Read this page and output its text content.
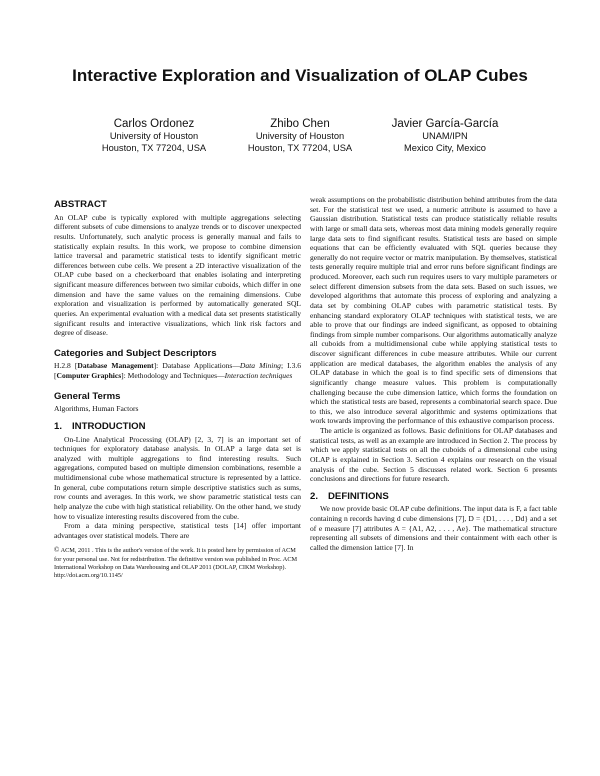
Interactive Exploration and Visualization of OLAP Cubes
Carlos Ordonez
University of Houston
Houston, TX 77204, USA
Zhibo Chen
University of Houston
Houston, TX 77204, USA
Javier García-García
UNAM/IPN
Mexico City, Mexico
ABSTRACT

An OLAP cube is typically explored with multiple aggregations selecting different subsets of cube dimensions to analyze trends or to discover unexpected results. Unfortunately, such analytic process is generally manual and fails to statistically explain results. In this work, we propose to combine dimension lattice traversal and parametric statistical tests to identify significant metric differences between cube cells. We present a 2D interactive visualization of the OLAP cube based on a checkerboard that enables isolating and interpreting significant measure differences between two similar cuboids, which differ in one dimension and have the same values on the remaining dimensions. Cube exploration and visualization is performed by automatically generated SQL queries. An experimental evaluation with a medical data set presents statistically significant results and interactive visualizations, which link risk factors and degree of disease.

Categories and Subject Descriptors

H.2.8 [Database Management]: Database Applications—Data Mining; I.3.6 [Computer Graphics]: Methodology and Techniques—Interaction techniques

General Terms

Algorithms, Human Factors

1. INTRODUCTION

On-Line Analytical Processing (OLAP) [2, 3, 7] is an important set of techniques for exploratory database analysis. In OLAP a large data set is analyzed with multiple aggregations to find interesting results. Such aggregations, computed based on multiple dimension combinations, resemble a multidimensional cube whose mathematical structure is represented by a lattice. In general, cube computations return simple descriptive statistics such as sums, row counts and averages. In this work, we show parametric statistical tests can help analyze the cube with high statistical reliability. On the other hand, we study how to visualize interesting results discovered from the cube.

From a data mining perspective, statistical tests [14] offer important advantages over statistical models. There are

© ACM, 2011 . This is the author's version of the work. It is posted here by permission of ACM for your personal use. Not for redistribution. The definitive version was published in Proc. ACM International Workshop on Data Warehousing and OLAP 2011 (DOLAP, CIKM Workshop). http://doi.acm.org/10.1145/

weak assumptions on the probabilistic distribution behind attributes from the data set. For the statistical test we used, a numeric attribute is assumed to have a Gaussian distribution. Statistical tests can produce statistically reliable results with large or small data sets, whereas most data mining models generally require large data sets to find significant results. Statistical tests are based on simple equations that can be efficiently evaluated with SQL queries because they generally do not require vector or matrix manipulation. By themselves, statistical tests generally require multiple trial and error runs before significant findings are produced. Moreover, each such run requires users to vary multiple parameters or select different dimension subsets from the data sets. Based on such issues, we developed algorithms that automate this process of exploring and analyzing a data set by combining OLAP cubes with parametric statistical tests. By enhancing standard exploratory OLAP techniques with statistical tests, we are able to prove that our findings are indeed significant, as opposed to obtaining findings from simple number comparisons. Our algorithms automatically analyze all cuboids from a multidimensional cube while applying statistical tests to discover significant differences in cube measure attributes. While our current application are medical databases, the algorithm enables the analysis of any OLAP database in which the goal is to find specific sets of dimensions that significantly change measure values. This problem is computationally challenging because the cube dimension lattice, which forms the foundation on which the statistical tests are based, represents a combinatorial search space. Due to this, we also introduce several algorithmic and systems optimizations that work towards improving the performance of this exhaustive comparison process.

The article is organized as follows. Basic definitions for OLAP databases and statistical tests, as well as an example are introduced in Section 2. The process by which we apply statistical tests on all the cuboids of a dimensional cube using OLAP is explained in Section 3. Section 4 explains our research on the visual analysis of the cube. Section 5 discusses related work. Section 6 presents conclusions and directions for future research.

2. DEFINITIONS

We now provide basic OLAP cube definitions. The input data is F, a fact table containing n records having d cube dimensions [7], D = {D1, . . . , Dd} and a set of e measure [7] attributes A = {A1, A2, . . . , Ae}. The mathematical structure representing all subsets of dimensions and their containment with each other is called the dimension lattice [7]. In
